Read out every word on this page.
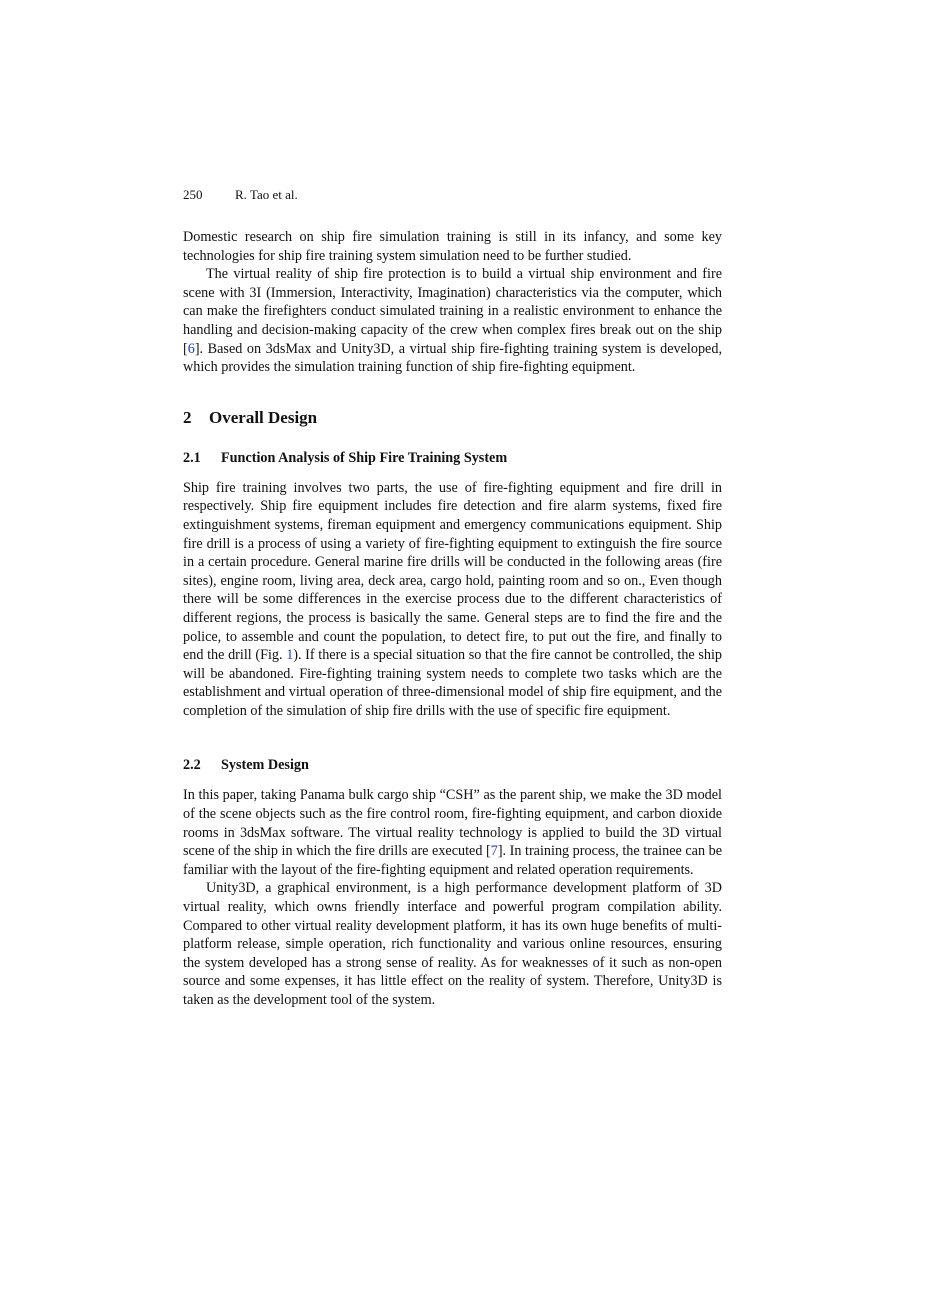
250	R. Tao et al.

Domestic research on ship fire simulation training is still in its infancy, and some key technologies for ship fire training system simulation need to be further studied.

The virtual reality of ship fire protection is to build a virtual ship environment and fire scene with 3I (Immersion, Interactivity, Imagination) characteristics via the computer, which can make the firefighters conduct simulated training in a realistic environment to enhance the handling and decision-making capacity of the crew when complex fires break out on the ship [6]. Based on 3dsMax and Unity3D, a virtual ship fire-fighting training system is developed, which provides the simulation training function of ship fire-fighting equipment.

2 Overall Design
2.1 Function Analysis of Ship Fire Training System

Ship fire training involves two parts, the use of fire-fighting equipment and fire drill in respectively. Ship fire equipment includes fire detection and fire alarm systems, fixed fire extinguishment systems, fireman equipment and emergency communications equipment. Ship fire drill is a process of using a variety of fire-fighting equipment to extinguish the fire source in a certain procedure. General marine fire drills will be conducted in the following areas (fire sites), engine room, living area, deck area, cargo hold, painting room and so on., Even though there will be some differences in the exercise process due to the different characteristics of different regions, the process is basically the same. General steps are to find the fire and the police, to assemble and count the population, to detect fire, to put out the fire, and finally to end the drill (Fig. 1). If there is a special situation so that the fire cannot be controlled, the ship will be abandoned. Fire-fighting training system needs to complete two tasks which are the establishment and virtual operation of three-dimensional model of ship fire equipment, and the completion of the simulation of ship fire drills with the use of specific fire equipment.

2.2 System Design

In this paper, taking Panama bulk cargo ship “CSH” as the parent ship, we make the 3D model of the scene objects such as the fire control room, fire-fighting equipment, and carbon dioxide rooms in 3dsMax software. The virtual reality technology is applied to build the 3D virtual scene of the ship in which the fire drills are executed [7]. In training process, the trainee can be familiar with the layout of the fire-fighting equipment and related operation requirements.

Unity3D, a graphical environment, is a high performance development platform of 3D virtual reality, which owns friendly interface and powerful program compilation ability. Compared to other virtual reality development platform, it has its own huge benefits of multi-platform release, simple operation, rich functionality and various online resources, ensuring the system developed has a strong sense of reality. As for weaknesses of it such as non-open source and some expenses, it has little effect on the reality of system. Therefore, Unity3D is taken as the development tool of the system.
